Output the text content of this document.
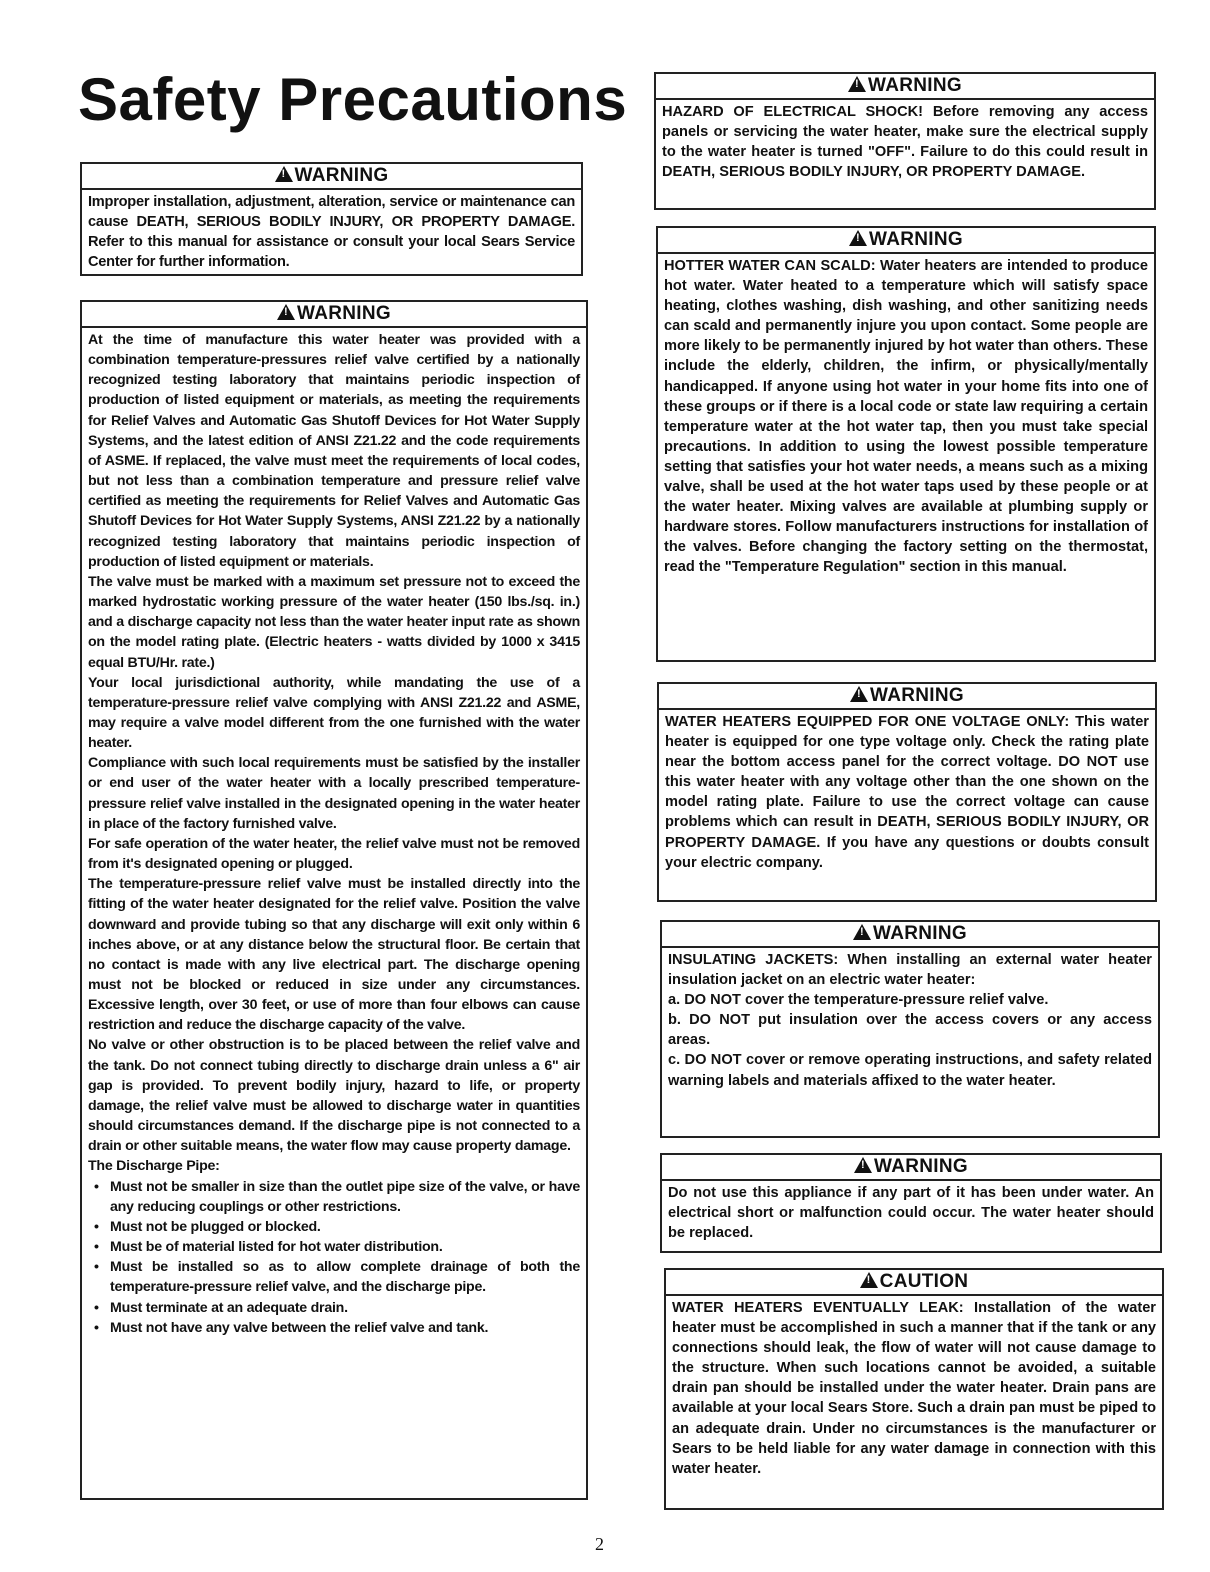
Safety Precautions
!WARNING

Improper installation, adjustment, alteration, service or maintenance can cause DEATH, SERIOUS BODILY INJURY, OR PROPERTY DAMAGE. Refer to this manual for assistance or consult your local Sears Service Center for further information.

!WARNING

At the time of manufacture this water heater was provided with a combination temperature-pressures relief valve certified by a nationally recognized testing laboratory that maintains periodic inspection of production of listed equipment or materials, as meeting the requirements for Relief Valves and Automatic Gas Shutoff Devices for Hot Water Supply Systems, and the latest edition of ANSI Z21.22 and the code requirements of ASME. If replaced, the valve must meet the requirements of local codes, but not less than a combination temperature and pressure relief valve certified as meeting the requirements for Relief Valves and Automatic Gas Shutoff Devices for Hot Water Supply Systems, ANSI Z21.22 by a nationally recognized testing laboratory that maintains periodic inspection of production of listed equipment or materials.

The valve must be marked with a maximum set pressure not to exceed the marked hydrostatic working pressure of the water heater (150 lbs./sq. in.) and a discharge capacity not less than the water heater input rate as shown on the model rating plate. (Electric heaters - watts divided by 1000 x 3415 equal BTU/Hr. rate.)

Your local jurisdictional authority, while mandating the use of a temperature-pressure relief valve complying with ANSI Z21.22 and ASME, may require a valve model different from the one furnished with the water heater.

Compliance with such local requirements must be satisfied by the installer or end user of the water heater with a locally prescribed temperature-pressure relief valve installed in the designated opening in the water heater in place of the factory furnished valve.

For safe operation of the water heater, the relief valve must not be removed from it's designated opening or plugged.

The temperature-pressure relief valve must be installed directly into the fitting of the water heater designated for the relief valve. Position the valve downward and provide tubing so that any discharge will exit only within 6 inches above, or at any distance below the structural floor. Be certain that no contact is made with any live electrical part. The discharge opening must not be blocked or reduced in size under any circumstances. Excessive length, over 30 feet, or use of more than four elbows can cause restriction and reduce the discharge capacity of the valve.

No valve or other obstruction is to be placed between the relief valve and the tank. Do not connect tubing directly to discharge drain unless a 6" air gap is provided. To prevent bodily injury, hazard to life, or property damage, the relief valve must be allowed to discharge water in quantities should circumstances demand. If the discharge pipe is not connected to a drain or other suitable means, the water flow may cause property damage.

The Discharge Pipe:

• Must not be smaller in size than the outlet pipe size of the valve, or have any reducing couplings or other restrictions.
• Must not be plugged or blocked.
• Must be of material listed for hot water distribution.
• Must be installed so as to allow complete drainage of both the temperature-pressure relief valve, and the discharge pipe.
• Must terminate at an adequate drain.
• Must not have any valve between the relief valve and tank.
!WARNING

HAZARD OF ELECTRICAL SHOCK! Before removing any access panels or servicing the water heater, make sure the electrical supply to the water heater is turned "OFF". Failure to do this could result in DEATH, SERIOUS BODILY INJURY, OR PROPERTY DAMAGE.

!WARNING

HOTTER WATER CAN SCALD: Water heaters are intended to produce hot water. Water heated to a temperature which will satisfy space heating, clothes washing, dish washing, and other sanitizing needs can scald and permanently injure you upon contact. Some people are more likely to be permanently injured by hot water than others. These include the elderly, children, the infirm, or physically/mentally handicapped. If anyone using hot water in your home fits into one of these groups or if there is a local code or state law requiring a certain temperature water at the hot water tap, then you must take special precautions. In addition to using the lowest possible temperature setting that satisfies your hot water needs, a means such as a mixing valve, shall be used at the hot water taps used by these people or at the water heater. Mixing valves are available at plumbing supply or hardware stores. Follow manufacturers instructions for installation of the valves. Before changing the factory setting on the thermostat, read the "Temperature Regulation" section in this manual.

!WARNING

WATER HEATERS EQUIPPED FOR ONE VOLTAGE ONLY: This water heater is equipped for one type voltage only. Check the rating plate near the bottom access panel for the correct voltage. DO NOT use this water heater with any voltage other than the one shown on the model rating plate. Failure to use the correct voltage can cause problems which can result in DEATH, SERIOUS BODILY INJURY, OR PROPERTY DAMAGE. If you have any questions or doubts consult your electric company.

!WARNING

INSULATING JACKETS: When installing an external water heater insulation jacket on an electric water heater:

a. DO NOT cover the temperature-pressure relief valve.

b. DO NOT put insulation over the access covers or any access areas.

c. DO NOT cover or remove operating instructions, and safety related warning labels and materials affixed to the water heater.

!WARNING

Do not use this appliance if any part of it has been under water. An electrical short or malfunction could occur. The water heater should be replaced.

!CAUTION

WATER HEATERS EVENTUALLY LEAK: Installation of the water heater must be accomplished in such a manner that if the tank or any connections should leak, the flow of water will not cause damage to the structure. When such locations cannot be avoided, a suitable drain pan should be installed under the water heater. Drain pans are available at your local Sears Store. Such a drain pan must be piped to an adequate drain. Under no circumstances is the manufacturer or Sears to be held liable for any water damage in connection with this water heater.

2
